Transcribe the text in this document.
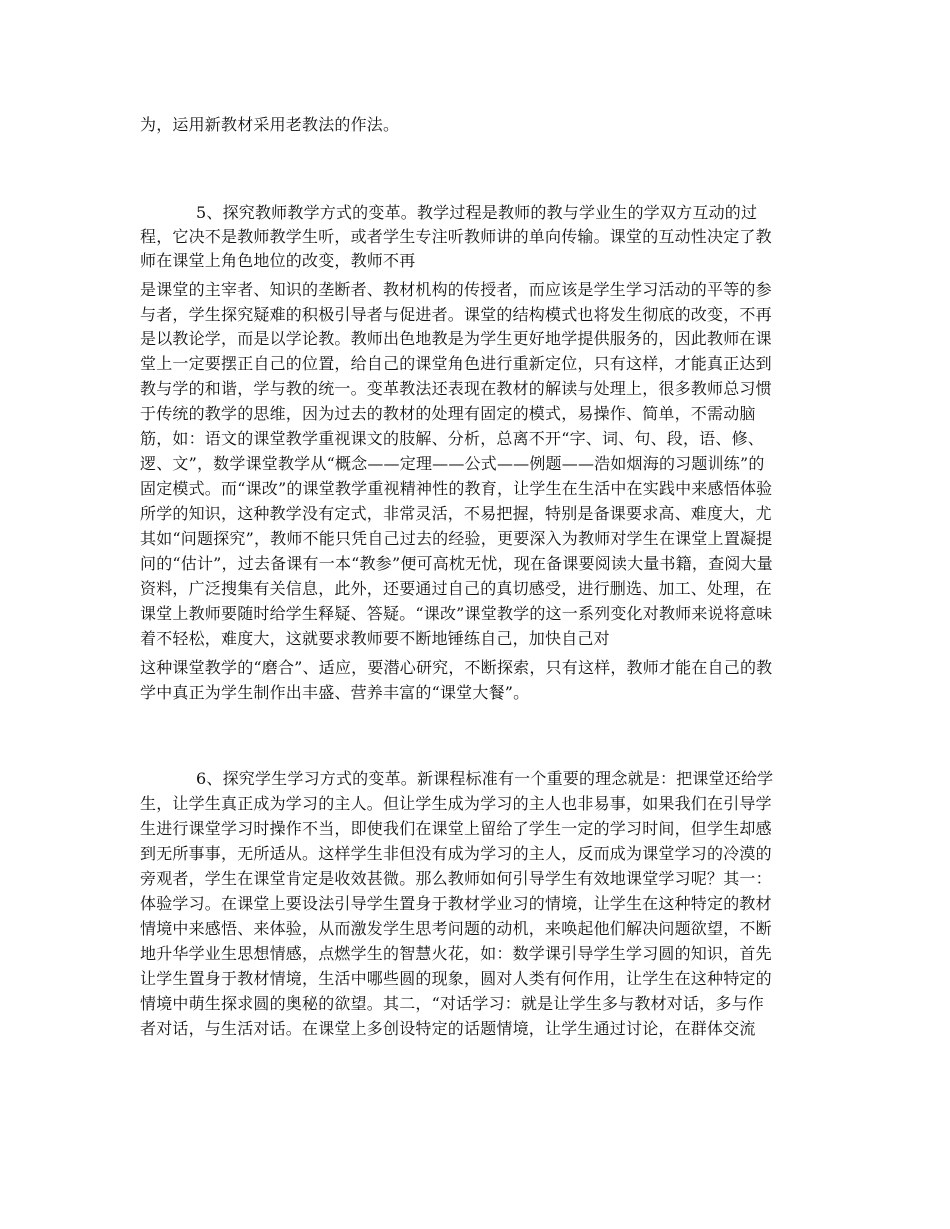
为，运用新教材采用老教法的作法。
5、探究教师教学方式的变革。教学过程是教师的教与学业生的学双方互动的过
程，它决不是教师教学生听，或者学生专注听教师讲的单向传输。课堂的互动性决定了教
师在课堂上角色地位的改变，教师不再
是课堂的主宰者、知识的垄断者、教材机构的传授者，而应该是学生学习活动的平等的参
与者，学生探究疑难的积极引导者与促进者。课堂的结构模式也将发生彻底的改变，不再
是以教论学，而是以学论教。教师出色地教是为学生更好地学提供服务的，因此教师在课
堂上一定要摆正自己的位置，给自己的课堂角色进行重新定位，只有这样，才能真正达到
教与学的和谐，学与教的统一。变革教法还表现在教材的解读与处理上，很多教师总习惯
于传统的教学的思维，因为过去的教材的处理有固定的模式，易操作、简单，不需动脑
筋，如：语文的课堂教学重视课文的肢解、分析，总离不开“字、词、句、段，语、修、
逻、文”，数学课堂教学从“概念——定理——公式——例题——浩如烟海的习题训练”的
固定模式。而“课改”的课堂教学重视精神性的教育，让学生在生活中在实践中来感悟体验
所学的知识，这种教学没有定式，非常灵活，不易把握，特别是备课要求高、难度大，尤
其如“问题探究”，教师不能只凭自己过去的经验，更要深入为教师对学生在课堂上置凝提
问的“估计”，过去备课有一本“教参”便可高枕无忧，现在备课要阅读大量书籍，查阅大量
资料，广泛搜集有关信息，此外，还要通过自己的真切感受，进行删选、加工、处理，在
课堂上教师要随时给学生释疑、答疑。“课改”课堂教学的这一系列变化对教师来说将意味
着不轻松，难度大，这就要求教师要不断地锤练自己，加快自己对
这种课堂教学的“磨合”、适应，要潜心研究，不断探索，只有这样，教师才能在自己的教
学中真正为学生制作出丰盛、营养丰富的“课堂大餐”。
6、探究学生学习方式的变革。新课程标准有一个重要的理念就是：把课堂还给学
生，让学生真正成为学习的主人。但让学生成为学习的主人也非易事，如果我们在引导学
生进行课堂学习时操作不当，即使我们在课堂上留给了学生一定的学习时间，但学生却感
到无所事事，无所适从。这样学生非但没有成为学习的主人，反而成为课堂学习的冷漠的
旁观者，学生在课堂肯定是收效甚微。那么教师如何引导学生有效地课堂学习呢？其一：
体验学习。在课堂上要设法引导学生置身于教材学业习的情境，让学生在这种特定的教材
情境中来感悟、来体验，从而激发学生思考问题的动机，来唤起他们解决问题欲望，不断
地升华学业生思想情感，点燃学生的智慧火花，如：数学课引导学生学习圆的知识，首先
让学生置身于教材情境，生活中哪些圆的现象，圆对人类有何作用，让学生在这种特定的
情境中萌生探求圆的奥秘的欲望。其二，“对话学习：就是让学生多与教材对话，多与作
者对话，与生活对话。在课堂上多创设特定的话题情境，让学生通过讨论，在群体交流
